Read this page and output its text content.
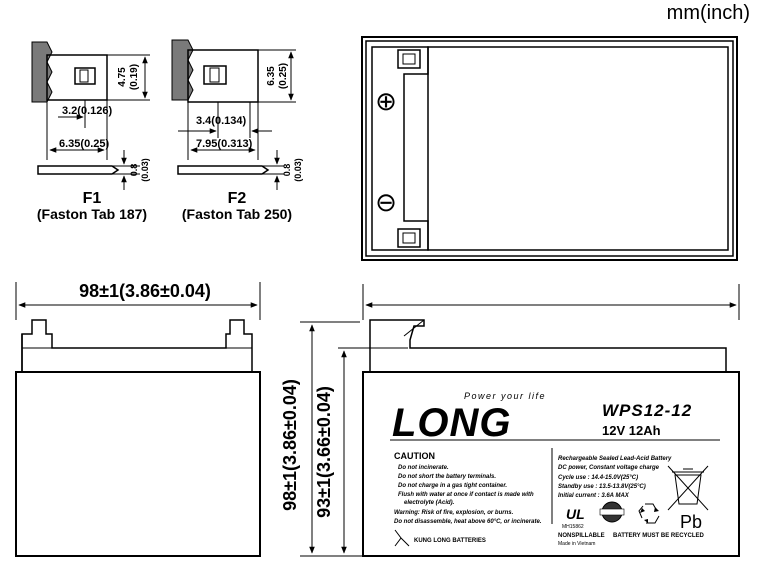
mm(inch)
4.75 (0.19)
3.2(0.126)
6.35(0.25)
0.8 (0.03)
F1
(Faston Tab 187)
6.35 (0.25)
3.4(0.134)
7.95(0.313)
0.8 (0.03)
F2
(Faston Tab 250)
⊕
⊖
98±1(3.86±0.04)
98±1(3.86±0.04) 93±1(3.66±0.04)	Power your life
LONG	WPS12-12
12V 12Ah
CAUTION
Do not incinerate.
Do not short the battery terminals.
Do not charge in a gas tight container.
Flush with water at once if contact is made with
electrolyte (Acid).
Warning: Risk of fire, explosion, or burns.
Do not disassemble, heat above 60°C, or incinerate.
Rechargeable Sealed Lead-Acid Battery
DC power, Constant voltage charge
Cycle use : 14.4-15.0V(25°C)
Standby use : 13.5-13.8V(25°C)
Initial current : 3.6A MAX
UL
MH15862	Pb
NONSPILLABLE BATTERY MUST BE RECYCLED
Made in Vietnam
KUNG LONG BATTERIES
